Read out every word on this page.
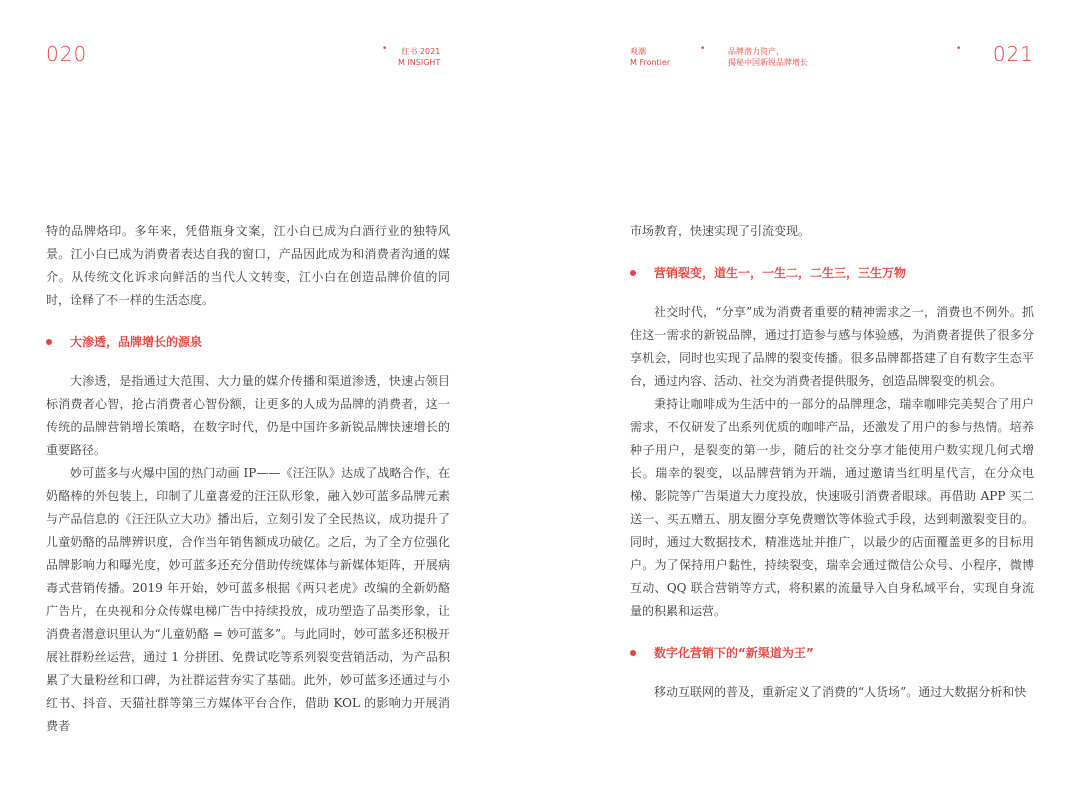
020	•	红书 2021
M INSIGHT

特的品牌烙印。多年来，凭借瓶身文案，江小白已成为白酒行业的独特风景。江小白已成为消费者表达自我的窗口，产品因此成为和消费者沟通的媒介。从传统文化诉求向鲜活的当代人文转变，江小白在创造品牌价值的同时，诠释了不一样的生活态度。

大渗透，品牌增长的源泉

大渗透，是指通过大范围、大力量的媒介传播和渠道渗透，快速占领目标消费者心智，抢占消费者心智份额，让更多的人成为品牌的消费者，这一传统的品牌营销增长策略，在数字时代，仍是中国许多新锐品牌快速增长的重要路径。

妙可蓝多与火爆中国的热门动画 IP——《汪汪队》达成了战略合作，在奶酪棒的外包装上，印制了儿童喜爱的汪汪队形象，融入妙可蓝多品牌元素与产品信息的《汪汪队立大功》播出后，立刻引发了全民热议，成功提升了儿童奶酪的品牌辨识度，合作当年销售额成功破亿。之后，为了全方位强化品牌影响力和曝光度，妙可蓝多还充分借助传统媒体与新媒体矩阵，开展病毒式营销传播。2019 年开始，妙可蓝多根据《两只老虎》改编的全新奶酪广告片，在央视和分众传媒电梯广告中持续投放，成功塑造了品类形象，让消费者潜意识里认为“儿童奶酪 = 妙可蓝多”。与此同时，妙可蓝多还积极开展社群粉丝运营，通过 1 分拼团、免费试吃等系列裂变营销活动，为产品积累了大量粉丝和口碑，为社群运营夯实了基础。此外，妙可蓝多还通过与小红书、抖音、天猫社群等第三方媒体平台合作，借助 KOL 的影响力开展消费者

021
观潮
M Frontier
•	品牌潜力资产，
揭秘中国新锐品牌增长
•

市场教育，快速实现了引流变现。

营销裂变，道生一，一生二，二生三，三生万物

社交时代，“分享”成为消费者重要的精神需求之一，消费也不例外。抓住这一需求的新锐品牌，通过打造参与感与体验感，为消费者提供了很多分享机会，同时也实现了品牌的裂变传播。很多品牌都搭建了自有数字生态平台，通过内容、活动、社交为消费者提供服务，创造品牌裂变的机会。

秉持让咖啡成为生活中的一部分的品牌理念，瑞幸咖啡完美契合了用户需求，不仅研发了出系列优质的咖啡产品，还激发了用户的参与热情。培养种子用户，是裂变的第一步，随后的社交分享才能使用户数实现几何式增长。瑞幸的裂变，以品牌营销为开端，通过邀请当红明星代言，在分众电梯、影院等广告渠道大力度投放，快速吸引消费者眼球。再借助 APP 买二送一、买五赠五、朋友圈分享免费赠饮等体验式手段，达到刺激裂变目的。同时，通过大数据技术，精准选址并推广，以最少的店面覆盖更多的目标用户。为了保持用户黏性，持续裂变，瑞幸会通过微信公众号、小程序，微博互动、QQ 联合营销等方式，将积累的流量导入自身私域平台，实现自身流量的积累和运营。

数字化营销下的“新渠道为王”

移动互联网的普及，重新定义了消费的“人货场”。通过大数据分析和快
